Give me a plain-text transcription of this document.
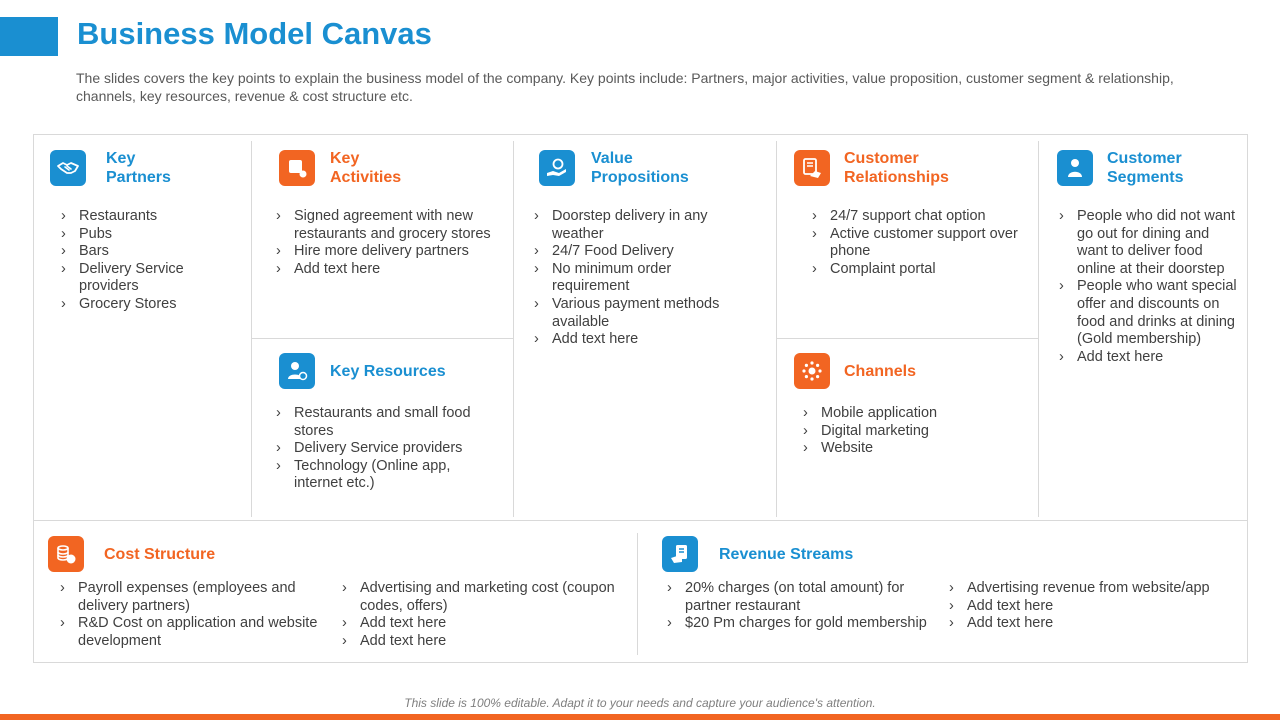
Business Model Canvas
The slides covers the key points to explain the business model of the company. Key points include: Partners, major activities, value proposition, customer segment & relationship, channels, key resources, revenue & cost structure etc.
Key
Partners
› Restaurants
› Pubs
› Bars
› Delivery Service providers
› Grocery Stores
Key
Activities
› Signed agreement with new restaurants and grocery stores
› Hire more delivery partners
› Add text here
Key Resources
› Restaurants and small food stores
› Delivery Service providers
› Technology (Online app, internet etc.)
Value
Propositions
› Doorstep delivery in any weather
› 24/7 Food Delivery
› No minimum order requirement
› Various payment methods available
› Add text here
Customer
Relationships
› 24/7 support chat option
› Active customer support over phone
› Complaint portal
Channels
› Mobile application
› Digital marketing
› Website
Customer
Segments
› People who did not want go out for dining and want to deliver food online at their doorstep
› People who want special offer and discounts on food and drinks at dining (Gold membership)
› Add text here
Cost Structure
› Payroll expenses (employees and delivery partners)
› R&D Cost on application and website development
› Advertising and marketing cost (coupon codes, offers)
› Add text here
› Add text here
Revenue Streams
› 20% charges (on total amount) for partner restaurant
› $20 Pm charges for gold membership
› Advertising revenue from website/app
› Add text here
› Add text here
This slide is 100% editable. Adapt it to your needs and capture your audience's attention.
